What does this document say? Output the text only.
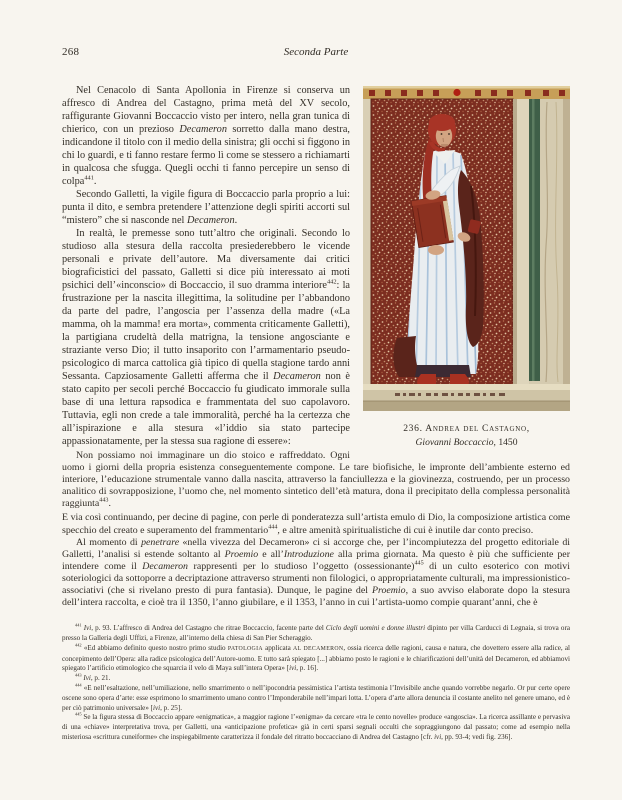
268	Seconda Parte
236. Andrea del Castagno,
Giovanni Boccaccio, 1450

Nel Cenacolo di Santa Apollonia in Firenze si conserva un affresco di Andrea del Castagno, prima metà del XV secolo, raffigurante Giovanni Boccaccio visto per intero, nella gran tunica di chierico, con un prezioso Decameron sorretto dalla mano destra, indicandone il titolo con il medio della sinistra; gli occhi si figgono in chi lo guardi, e ti fanno restare fermo lì come se stessero a richiamarti in qualcosa che sfugga. Quegli occhi ti fanno percepire un senso di colpa$^{441}$.

Secondo Galletti, la vigile figura di Boccaccio parla proprio a lui: punta il dito, e sembra pretendere l’attenzione degli spiriti accorti sul “mistero” che si nasconde nel Decameron.

In realtà, le premesse sono tutt’altro che originali. Secondo lo studioso alla stesura della raccolta presiederebbero le vicende personali e private dell’autore. Ma diversamente dai critici biograficistici del passato, Galletti si dice più interessato ai moti psichici dell’«inconscio» di Boccaccio, il suo dramma interiore$^{442}$: la frustrazione per la nascita illegittima, la solitudine per l’abbandono da parte del padre, l’angoscia per l’assenza della madre («La mamma, oh la mamma! era morta», commenta criticamente Galletti), la partigiana crudeltà della matrigna, la tensione angosciante e straziante verso Dio; il tutto insaporito con l’armamentario pseudo-psicologico di marca cattolica già tipico di quella stagione tardo anni Sessanta. Capziosamente Galletti afferma che il Decameron non è stato capito per secoli perché Boccaccio fu giudicato immorale sulla base di una lettura rapsodica e frammentata del suo capolavoro. Tuttavia, egli non crede a tale immoralità, perché ha la certezza che all’ispirazione e alla stesura «l’iddio sia stato partecipe appassionatamente, per la stessa sua ragione di essere»:

Non possiamo noi immaginare un dio stoico e raffreddato. Ogni uomo i giorni della propria esistenza conseguentemente compone. Le tare biofisiche, le impronte dell’ambiente esterno ed interiore, l’educazione strumentale vanno dalla nascita, attraverso la fanciullezza e la giovinezza, costruendo, per un processo analitico di sovrapposizione, l’uomo che, nel momento sintetico dell’età matura, dona il precipitato della complessa personalità raggiunta$^{443}$.

E via così continuando, per decine di pagine, con perle di ponderatezza sull’artista emulo di Dio, la composizione artistica come specchio del creato e superamento del frammentario$^{444}$, e altre amenità spiritualistiche di cui è inutile dar conto preciso.

Al momento di penetrare «nella vivezza del Decameron» ci si accorge che, per l’incompiutezza del progetto editoriale di Galletti, l’analisi si estende soltanto al Proemio e all’Introduzione alla prima giornata. Ma questo è più che sufficiente per intendere come il Decameron rappresenti per lo studioso l’oggetto (ossessionante)$^{445}$ di un culto esoterico con motivi soteriologici da sottoporre a decriptazione attraverso strumenti non filologici, o appropriatamente culturali, ma impressionistico-associativi (che si rivelano presto di pura fantasia). Dunque, le pagine del Proemio, a suo avviso elaborate dopo la stesura dell’intera raccolta, e cioè tra il 1350, l’anno giubilare, e il 1353, l’anno in cui l’artista-uomo compie quarant’anni, che è

$^{441}$ Ivi, p. 93. L’affresco di Andrea del Castagno che ritrae Boccaccio, facente parte del Ciclo degli uomini e donne illustri dipinto per villa Carducci di Legnaia, si trova ora presso la Galleria degli Uffizi, a Firenze, all’interno della chiesa di San Pier Scheraggio.

$^{442}$ «Ed abbiamo definito questo nostro primo studio PATOLOGIA applicata AL DECAMERON, ossia ricerca delle ragioni, causa e natura, che dovettero essere alla radice, al concepimento dell’Opera: alla radice psicologica dell’Autore-uomo. E tutto sarà spiegato [...] abbiamo posto le ragioni e le chiarificazioni dell’unità del Decameron, ed abbiamovi spiegato l’artificio etimologico che squarcia il velo di Maya sull’intera Opera» [ivi, p. 16].

$^{443}$ Ivi, p. 21.

$^{444}$ «E nell’esaltazione, nell’umiliazione, nello smarrimento o nell’ipocondria pessimistica l’artista testimonia l’Invisibile anche quando vorrebbe negarlo. Or pur certe opere oscene sono opera d’arte: esse esprimono lo smarrimento umano contro l’Imponderabile nell’impari lotta. L’opera d’arte allora denuncia il costante anelito nel genere umano, ed è per ciò patrimonio universale» [ivi, p. 25].

$^{445}$ Se la figura stessa di Boccaccio appare «enigmatica», a maggior ragione l’«enigma» da cercare «tra le cento novelle» produce «angoscia». La ricerca assillante e pervasiva di una «chiave» interpretativa trova, per Galletti, una «anticipazione profetica» già in certi sparsi segnali occulti che sopraggiungono dal passato; come ad esempio nella misteriosa «scrittura cuneiforme» che inspiegabilmente caratterizza il fondale del ritratto boccacciano di Andrea del Castagno [cfr. ivi, pp. 93-4; vedi fig. 236].
